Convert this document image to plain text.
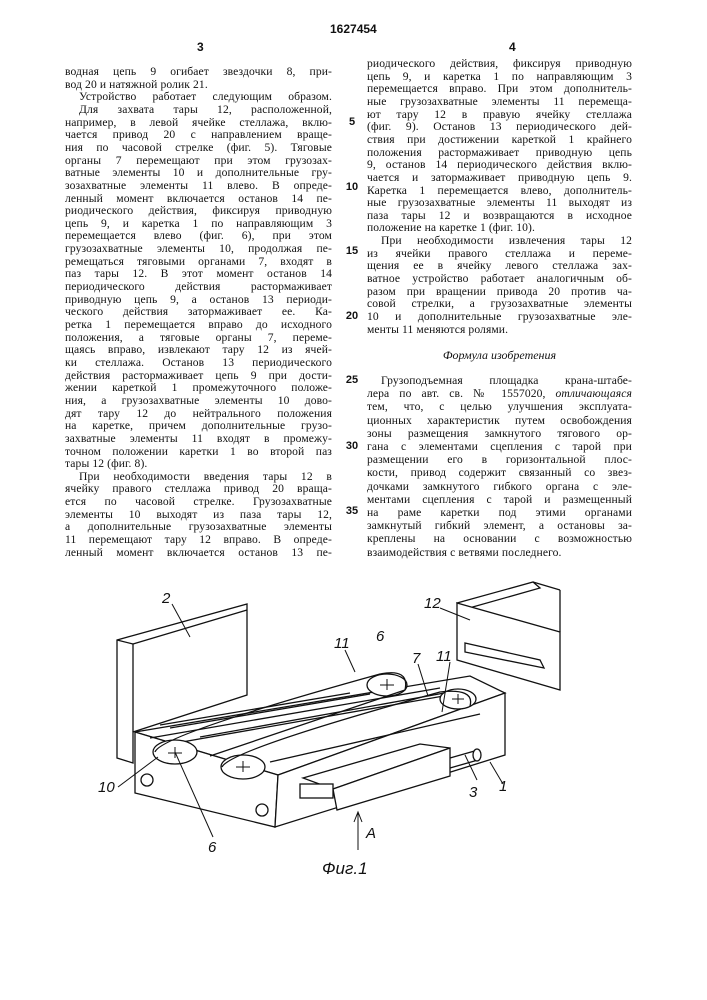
3
1627454
4
водная цепь 9 огибает звездочки 8, при-
вод 20 и натяжной ролик 21.
Устройство работает следующим образом.
Для захвата тары 12, расположенной,
например, в левой ячейке стеллажа, вклю-
чается привод 20 с направлением враще-
ния по часовой стрелке (фиг. 5). Тяговые
органы 7 перемещают при этом грузозах-
ватные элементы 10 и дополнительные гру-
зозахватные элементы 11 влево. В опреде-
ленный момент включается останов 14 пе-
риодического действия, фиксируя приводную
цепь 9, и каретка 1 по направляющим 3
перемещается влево (фиг. 6), при этом
грузозахватные элементы 10, продолжая пе-
ремещаться тяговыми органами 7, входят в
паз тары 12. В этот момент останов 14
периодического действия растормаживает
приводную цепь 9, а останов 13 периоди-
ческого действия затормаживает ее. Ка-
ретка 1 перемещается вправо до исходного
положения, а тяговые органы 7, переме-
щаясь вправо, извлекают тару 12 из ячей-
ки стеллажа. Останов 13 периодического
действия растормаживает цепь 9 при дости-
жении кареткой 1 промежуточного положе-
ния, а грузозахватные элементы 10 дово-
дят тару 12 до нейтрального положения
на каретке, причем дополнительные грузо-
захватные элементы 11 входят в промежу-
точном положении каретки 1 во второй паз
тары 12 (фиг. 8).
При необходимости введения тары 12 в
ячейку правого стеллажа привод 20 враща-
ется по часовой стрелке. Грузозахватные
элементы 10 выходят из паза тары 12,
а дополнительные грузозахватные элементы
11 перемещают тару 12 вправо. В опреде-
ленный момент включается останов 13 пе-
риодического действия, фиксируя приводную
цепь 9, и каретка 1 по направляющим 3
перемещается вправо. При этом дополнитель-
ные грузозахватные элементы 11 перемеща-
ют тару 12 в правую ячейку стеллажа
(фиг. 9). Останов 13 периодического дей-
ствия при достижении кареткой 1 крайнего
положения растормаживает приводную цепь
9, останов 14 периодического действия вклю-
чается и затормаживает приводную цепь 9.
Каретка 1 перемещается влево, дополнитель-
ные грузозахватные элементы 11 выходят из
паза тары 12 и возвращаются в исходное
положение на каретке 1 (фиг. 10).
При необходимости извлечения тары 12
из ячейки правого стеллажа и переме-
щения ее в ячейку левого стеллажа зах-
ватное устройство работает аналогичным об-
разом при вращении привода 20 против ча-
совой стрелки, а грузозахватные элементы
10 и дополнительные грузозахватные эле-
менты 11 меняются ролями.
Формула изобретения
Грузоподъемная площадка крана-штабе-
лера по авт. св. № 1557020, отличающаяся
тем, что, с целью улучшения эксплуата-
ционных характеристик путем освобождения
зоны размещения замкнутого тягового ор-
гана с элементами сцепления с тарой при
размещении его в горизонтальной плос-
кости, привод содержит связанный со звез-
дочками замкнутого гибкого органа с эле-
ментами сцепления с тарой и размещенный
на раме каретки под этими органами
замкнутый гибкий элемент, а остановы за-
креплены на основании с возможностью
взаимодействия с ветвями последнего.
5
10
15
20
25
30
35
2	12
11 6
7 11
10
6
3 1
A
Фиг.1
